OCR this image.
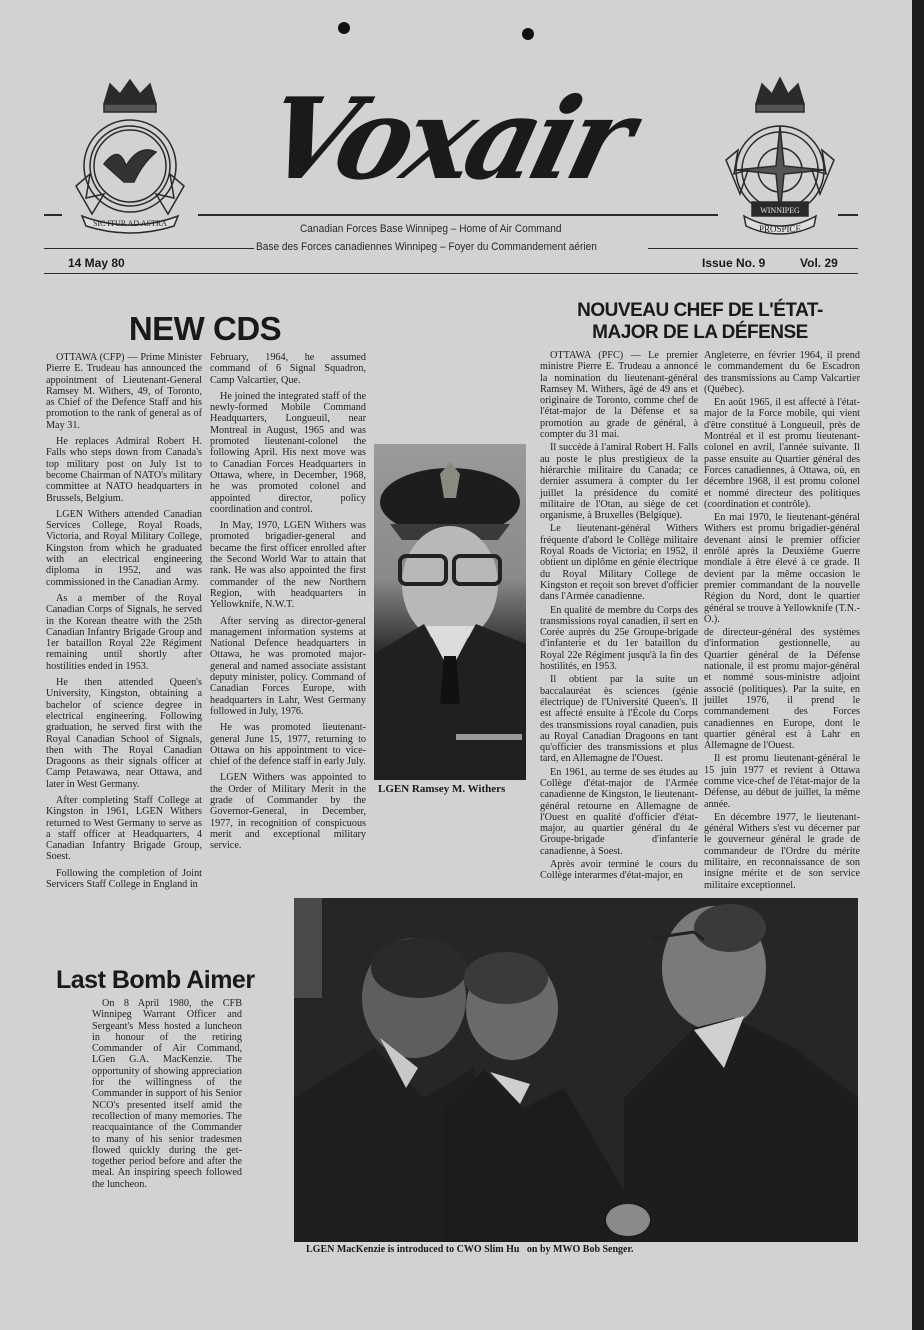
SIC ITUR AD ASTRA
Voxair
WINNIPEG
PROSPICE
Canadian Forces Base Winnipeg – Home of Air Command
Base des Forces canadiennes Winnipeg – Foyer du Commandement aérien
14 May 80	Issue No. 9	Vol. 29
NEW CDS

OTTAWA (CFP) — Prime Minister Pierre E. Trudeau has announced the appointment of Lieutenant-General Ramsey M. Withers, 49, of Toronto, as Chief of the Defence Staff and his promotion to the rank of general as of May 31.

He replaces Admiral Robert H. Falls who steps down from Canada's top military post on July 1st to become Chairman of NATO's military committee at NATO headquarters in Brussels, Belgium.

LGEN Withers attended Canadian Services College, Royal Roads, Victoria, and Royal Military College, Kingston from which he graduated with an electrical engineering diploma in 1952, and was commissioned in the Canadian Army.

As a member of the Royal Canadian Corps of Signals, he served in the Korean theatre with the 25th Canadian Infantry Brigade Group and 1er bataillon Royal 22e Régiment remaining until shortly after hostilities ended in 1953.

He then attended Queen's University, Kingston, obtaining a bachelor of science degree in electrical engineering. Following graduation, he served first with the Royal Canadian School of Signals, then with The Royal Canadian Dragoons as their signals officer at Camp Petawawa, near Ottawa, and later in West Germany.

After completing Staff College at Kingston in 1961, LGEN Withers returned to West Germany to serve as a staff officer at Headquarters, 4 Canadian Infantry Brigade Group, Soest.

Following the completion of Joint Servicers Staff College in England in

February, 1964, he assumed command of 6 Signal Squadron, Camp Valcartier, Que.

He joined the integrated staff of the newly-formed Mobile Command Headquarters, Longueuil, near Montreal in August, 1965 and was promoted lieutenant-colonel the following April. His next move was to Canadian Forces Headquarters in Ottawa, where, in December, 1968, he was promoted colonel and appointed director, policy coordination and control.

In May, 1970, LGEN Withers was promoted brigadier-general and became the first officer enrolled after the Second World War to attain that rank. He was also appointed the first commander of the new Northern Region, with headquarters in Yellowknife, N.W.T.

After serving as director-general management information systems at National Defence headquarters in Ottawa, he was promoted major-general and named associate assistant deputy minister, policy. Command of Canadian Forces Europe, with headquarters in Lahr, West Germany followed in July, 1976.

He was promoted lieutenant-general June 15, 1977, returning to Ottawa on his appointment to vice-chief of the defence staff in early July.

LGEN Withers was appointed to the Order of Military Merit in the grade of Commander by the Governor-General, in December, 1977, in recognition of conspicuous merit and exceptional military service.

LGEN Ramsey M. Withers
NOUVEAU CHEF DE L'ÉTAT-
MAJOR DE LA DÉFENSE

OTTAWA (PFC) — Le premier ministre Pierre E. Trudeau a annoncé la nomination du lieutenant-général Ramsey M. Withers, âgé de 49 ans et originaire de Toronto, comme chef de l'état-major de la Défense et sa promotion au grade de général, à compter du 31 mai.

Il succède à l'amiral Robert H. Falls au poste le plus prestigieux de la hiérarchie militaire du Canada; ce dernier assumera à compter du 1er juillet la présidence du comité militaire de l'Otan, au siège de cet organisme, à Bruxelles (Belgique).

Le lieutenant-général Withers fréquente d'abord le Collège militaire Royal Roads de Victoria; en 1952, il obtient un diplôme en génie électrique du Royal Military College de Kingston et reçoit son brevet d'officier dans l'Armée canadienne.

En qualité de membre du Corps des transmissions royal canadien, il sert en Corée auprès du 25e Groupe-brigade d'infanterie et du 1er bataillon du Royal 22e Régiment jusqu'à la fin des hostilités, en 1953.

Il obtient par la suite un baccalauréat ès sciences (génie électrique) de l'Université Queen's. Il est affecté ensuite à l'École du Corps des transmissions royal canadien, puis au Royal Canadian Dragoons en tant qu'officier des transmissions et plus tard, en Allemagne de l'Ouest.

En 1961, au terme de ses études au Collège d'état-major de l'Armée canadienne de Kingston, le lieutenant-général retourne en Allemagne de l'Ouest en qualité d'officier d'état-major, au quartier général du 4e Groupe-brigade d'infanterie canadienne, à Soest.

Après avoir terminé le cours du Collège interarmes d'état-major, en

Angleterre, en février 1964, il prend le commandement du 6e Escadron des transmissions au Camp Valcartier (Québec).

En août 1965, il est affecté à l'état-major de la Force mobile, qui vient d'être constitué à Longueuil, près de Montréal et il est promu lieutenant-colonel en avril, l'année suivante. Il passe ensuite au Quartier général des Forces canadiennes, à Ottawa, où, en décembre 1968, il est promu colonel et nommé directeur des politiques (coordination et contrôle).

En mai 1970, le lieutenant-général Withers est promu brigadier-général devenant ainsi le premier officier enrôlé après la Deuxième Guerre mondiale à être élevé à ce grade. Il devient par la même occasion le premier commandant de la nouvelle Région du Nord, dont le quartier général se trouve à Yellowknife (T.N.-O.).

de directeur-général des systèmes d'information gestionnelle, au Quartier général de la Défense nationale, il est promu major-général et nommé sous-ministre adjoint associé (politiques). Par la suite, en juillet 1976, il prend le commandement des Forces canadiennes en Europe, dont le quartier général est à Lahr en Allemagne de l'Ouest.

Il est promu lieutenant-général le 15 juin 1977 et revient à Ottawa comme vice-chef de l'état-major de la Défense, au début de juillet, la même année.

En décembre 1977, le lieutenant-général Withers s'est vu décerner par le gouverneur général le grade de commandeur de l'Ordre du mérite militaire, en reconnaissance de son insigne mérite et de son service militaire exceptionnel.

Last Bomb Aimer

On 8 April 1980, the CFB Winnipeg Warrant Officer and Sergeant's Mess hosted a luncheon in honour of the retiring Commander of Air Command, LGen G.A. MacKenzie. The opportunity of showing appreciation for the willingness of the Commander in support of his Senior NCO's presented itself amid the recollection of many memories. The reacquaintance of the Commander to many of his senior tradesmen flowed quickly during the get-together period before and after the meal. An inspiring speech followed the luncheon.

LGEN MacKenzie is introduced to CWO Slim Hu   on by MWO Bob Senger.
